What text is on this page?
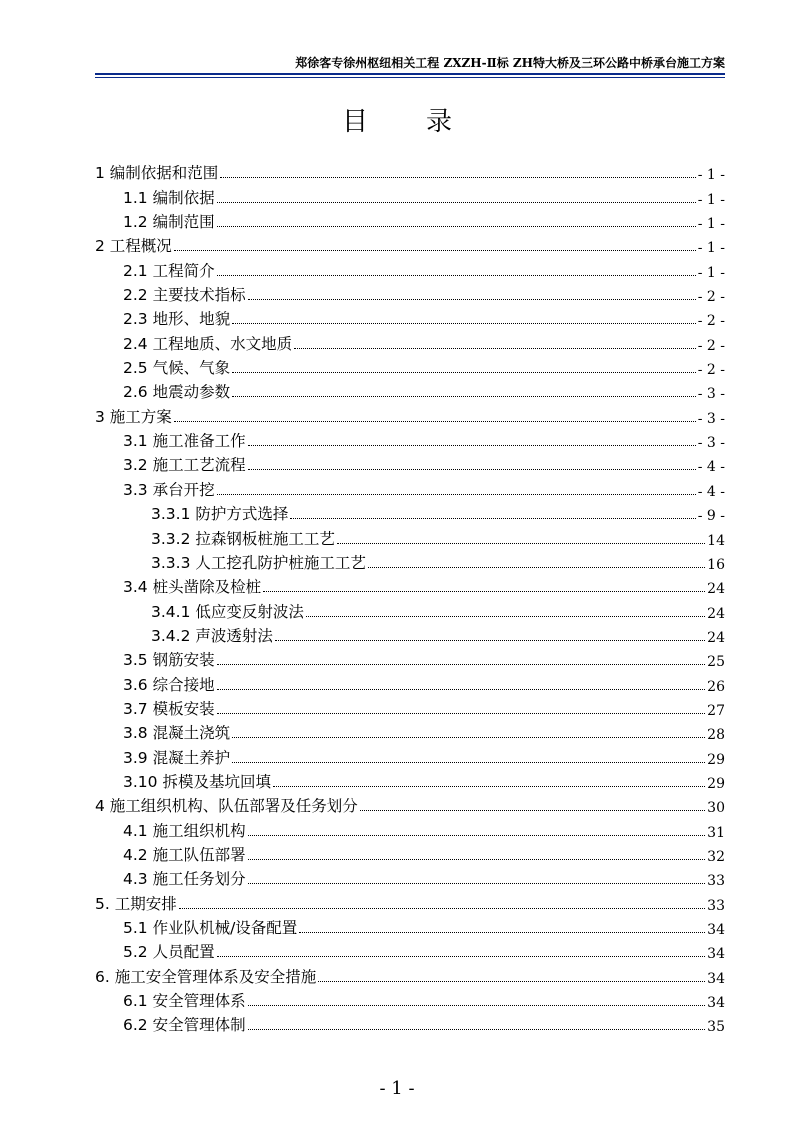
郑徐客专徐州枢纽相关工程 ZXZH-Ⅱ标 ZH特大桥及三环公路中桥承台施工方案
目录
1 编制依据和范围	- 1 -
1.1 编制依据	- 1 -
1.2 编制范围	- 1 -
2 工程概况	- 1 -
2.1 工程简介	- 1 -
2.2 主要技术指标	- 2 -
2.3 地形、地貌	- 2 -
2.4 工程地质、水文地质	- 2 -
2.5 气候、气象	- 2 -
2.6 地震动参数	- 3 -
3 施工方案	- 3 -
3.1 施工准备工作	- 3 -
3.2 施工工艺流程	- 4 -
3.3 承台开挖	- 4 -
3.3.1 防护方式选择	- 9 -
3.3.2 拉森钢板桩施工工艺	14
3.3.3 人工挖孔防护桩施工工艺	16
3.4 桩头凿除及检桩	24
3.4.1 低应变反射波法	24
3.4.2 声波透射法	24
3.5 钢筋安装	25
3.6 综合接地	26
3.7 模板安装	27
3.8 混凝土浇筑	28
3.9 混凝土养护	29
3.10 拆模及基坑回填	29
4 施工组织机构、队伍部署及任务划分	30
4.1 施工组织机构	31
4.2 施工队伍部署	32
4.3 施工任务划分	33
5. 工期安排	33
5.1 作业队机械/设备配置	34
5.2 人员配置	34
6. 施工安全管理体系及安全措施	34
6.1 安全管理体系	34
6.2 安全管理体制	35
- 1 -
